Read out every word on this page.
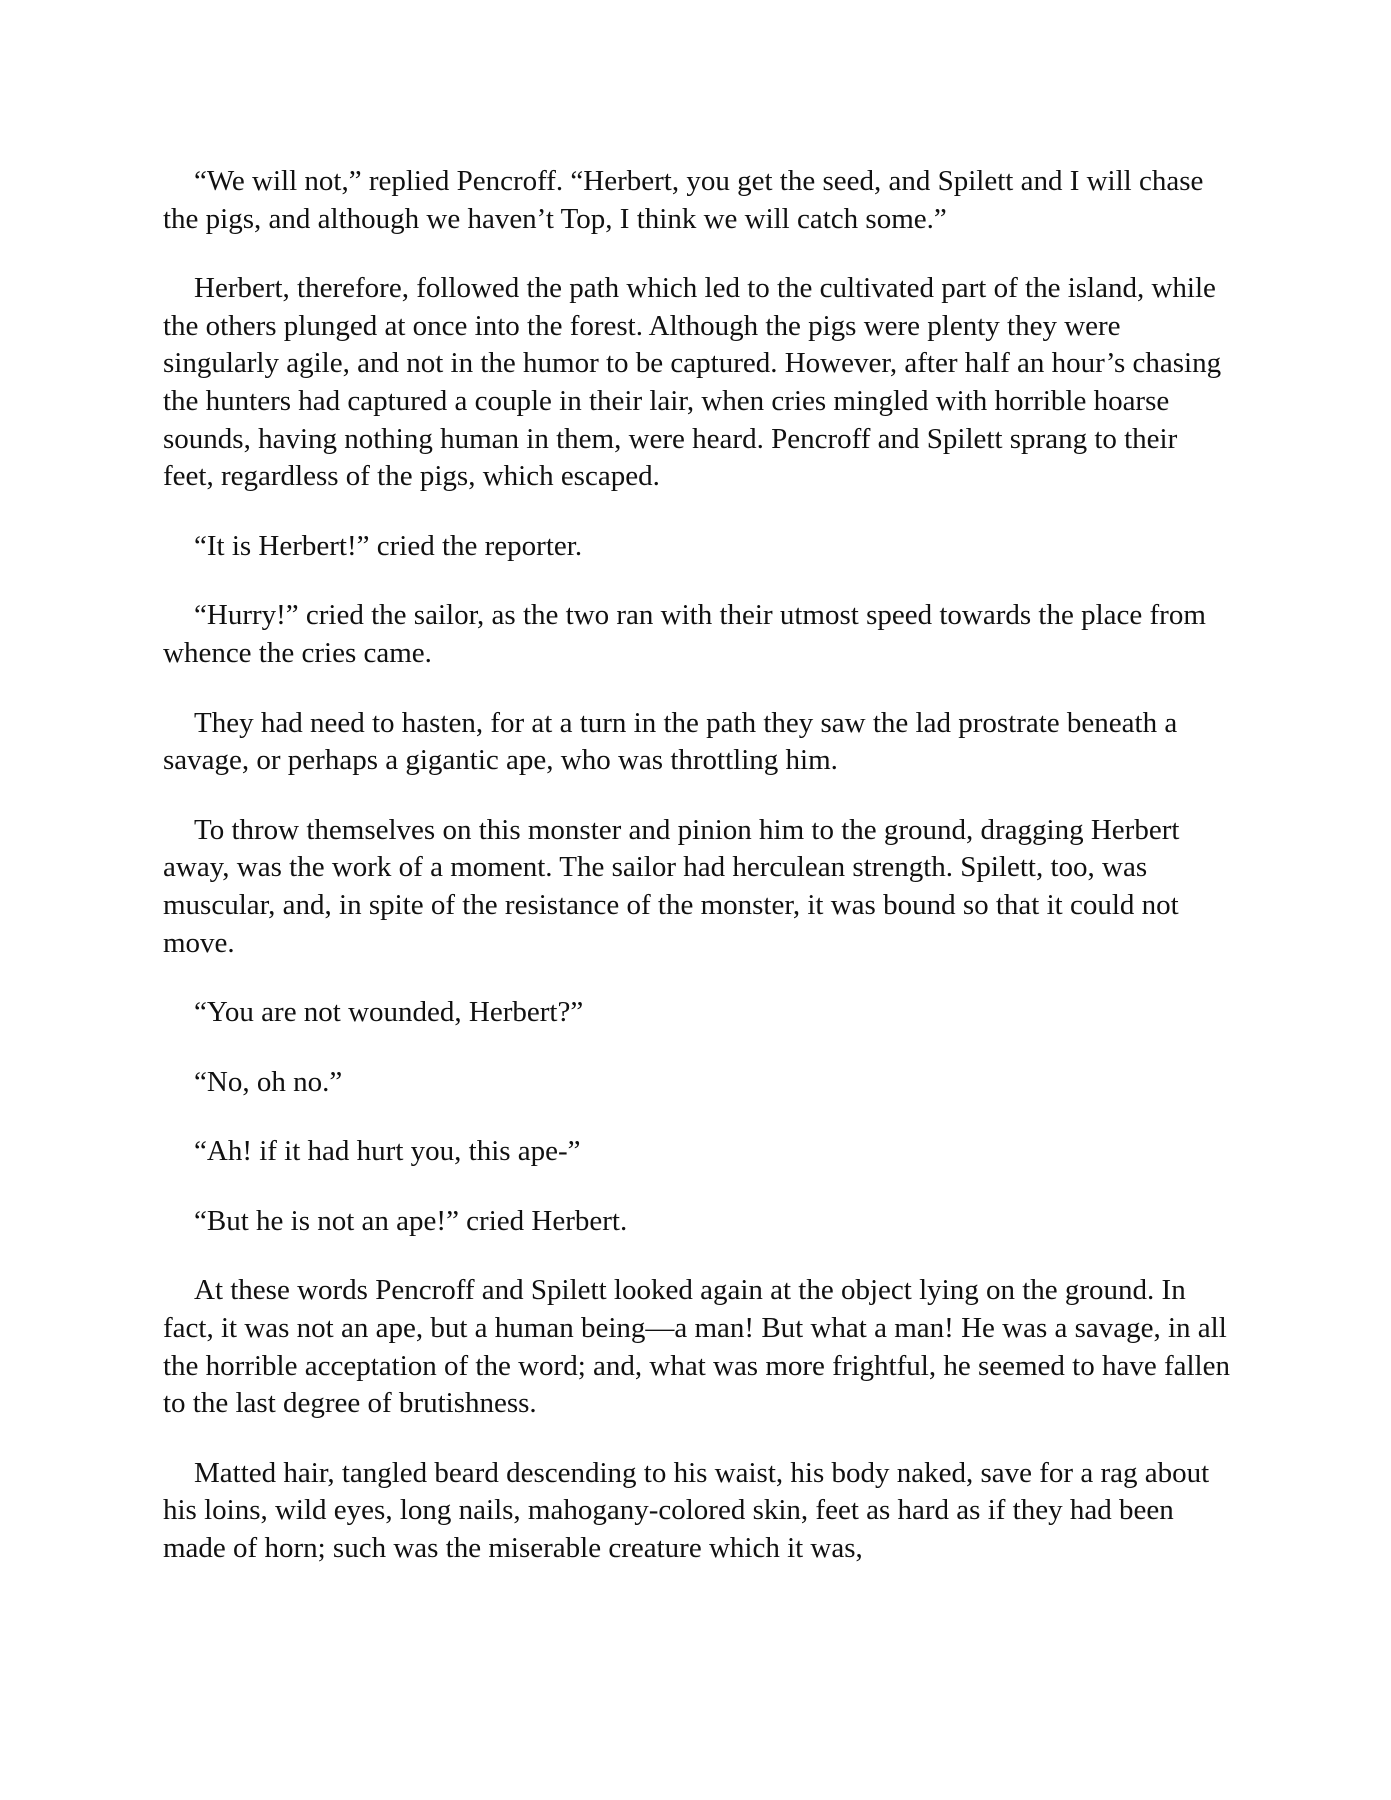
“We will not,” replied Pencroff. “Herbert, you get the seed, and Spilett and I will chase the pigs, and although we haven’t Top, I think we will catch some.”

Herbert, therefore, followed the path which led to the cultivated part of the island, while the others plunged at once into the forest. Although the pigs were plenty they were singularly agile, and not in the humor to be captured. However, after half an hour’s chasing the hunters had captured a couple in their lair, when cries mingled with horrible hoarse sounds, having nothing human in them, were heard. Pencroff and Spilett sprang to their feet, regardless of the pigs, which escaped.

“It is Herbert!” cried the reporter.

“Hurry!” cried the sailor, as the two ran with their utmost speed towards the place from whence the cries came.

They had need to hasten, for at a turn in the path they saw the lad prostrate beneath a savage, or perhaps a gigantic ape, who was throttling him.

To throw themselves on this monster and pinion him to the ground, dragging Herbert away, was the work of a moment. The sailor had herculean strength. Spilett, too, was muscular, and, in spite of the resistance of the monster, it was bound so that it could not move.

“You are not wounded, Herbert?”

“No, oh no.”

“Ah! if it had hurt you, this ape-”

“But he is not an ape!” cried Herbert.

At these words Pencroff and Spilett looked again at the object lying on the ground. In fact, it was not an ape, but a human being—a man! But what a man! He was a savage, in all the horrible acceptation of the word; and, what was more frightful, he seemed to have fallen to the last degree of brutishness.

Matted hair, tangled beard descending to his waist, his body naked, save for a rag about his loins, wild eyes, long nails, mahogany-colored skin, feet as hard as if they had been made of horn; such was the miserable creature which it was,
